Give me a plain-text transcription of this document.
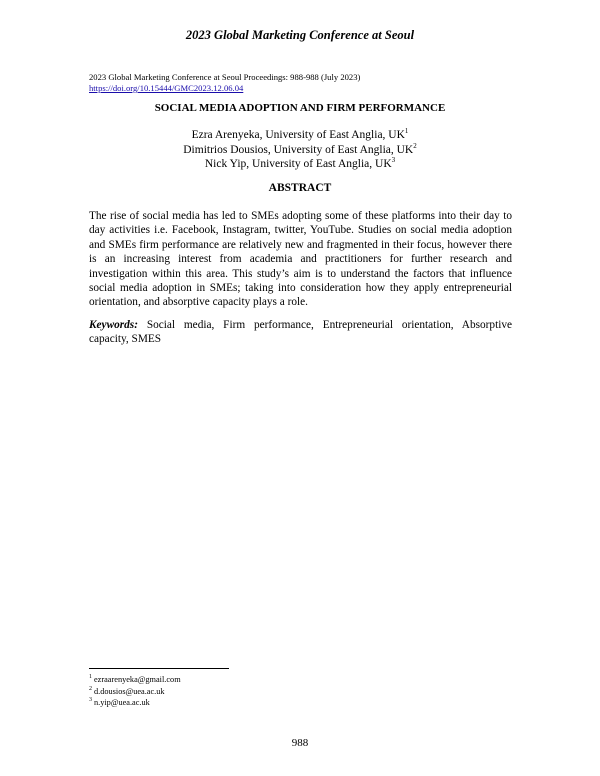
2023 Global Marketing Conference at Seoul
2023 Global Marketing Conference at Seoul Proceedings: 988-988 (July 2023)
https://doi.org/10.15444/GMC2023.12.06.04
SOCIAL MEDIA ADOPTION AND FIRM PERFORMANCE
Ezra Arenyeka, University of East Anglia, $UK^1$
Dimitrios Dousios, University of East Anglia, $UK^2$
Nick Yip, University of East Anglia, $UK^3$
ABSTRACT
The rise of social media has led to SMEs adopting some of these platforms into their day to day activities i.e. Facebook, Instagram, twitter, YouTube. Studies on social media adoption and SMEs firm performance are relatively new and fragmented in their focus, however there is an increasing interest from academia and practitioners for further research and investigation within this area. This study’s aim is to understand the factors that influence social media adoption in SMEs; taking into consideration how they apply entrepreneurial orientation, and absorptive capacity plays a role.
Keywords: Social media, Firm performance, Entrepreneurial orientation, Absorptive capacity, SMES
$^1$ ezraarenyeka@gmail.com
$^2$ d.dousios@uea.ac.uk
$^3$ n.yip@uea.ac.uk
988
